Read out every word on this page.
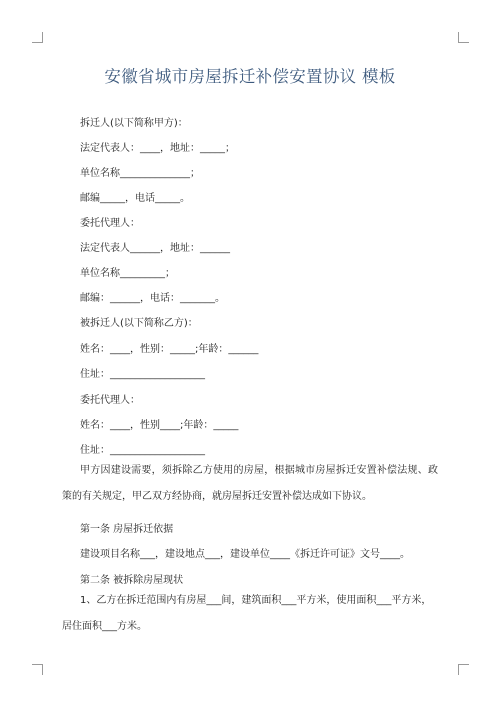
安徽省城市房屋拆迁补偿安置协议 模板
拆迁人(以下简称甲方)：
法定代表人：____，地址：_____；
单位名称______________；
邮编_____，电话_____。
委托代理人：
法定代表人______，地址：______
单位名称_________；
邮编：______，电话：_______。
被拆迁人(以下简称乙方)：
姓名：____，性别：_____;年龄：______
住址：___________________
委托代理人：
姓名：____，性别____;年龄：_____
住址：___________________
甲方因建设需要，须拆除乙方使用的房屋，根据城市房屋拆迁安置补偿法规、政策的有关规定，甲乙双方经协商，就房屋拆迁安置补偿达成如下协议。
第一条 房屋拆迁依据
建设项目名称___，建设地点___，建设单位____《拆迁许可证》文号____。
第二条 被拆除房屋现状
1、乙方在拆迁范围内有房屋___间，建筑面积___平方米，使用面积___平方米，居住面积___方米。
